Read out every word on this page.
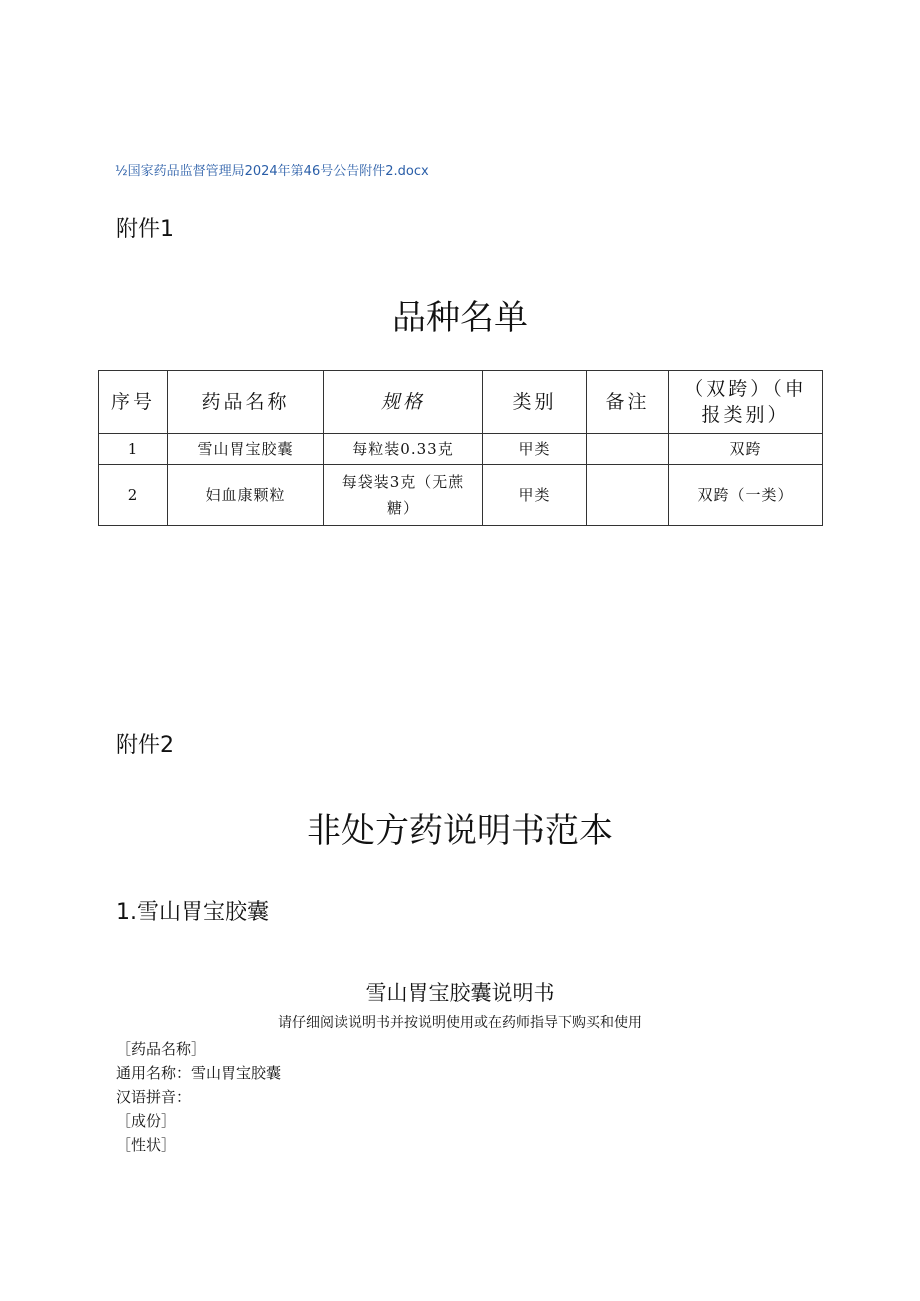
½国家药品监督管理局2024年第46号公告附件2.docx
附件1
品种名单
序号	药品名称	规格	类别	备注	（双跨）（申报类别）
1	雪山胃宝胶囊	每粒装0.33克	甲类		双跨
2	妇血康颗粒	每袋装3克（无蔗糖）	甲类		双跨（一类）
附件2
非处方药说明书范本
1.雪山胃宝胶囊
雪山胃宝胶囊说明书
请仔细阅读说明书并按说明使用或在药师指导下购买和使用
［药品名称］
通用名称：雪山胃宝胶囊
汉语拼音：
［成份］
［性状］
